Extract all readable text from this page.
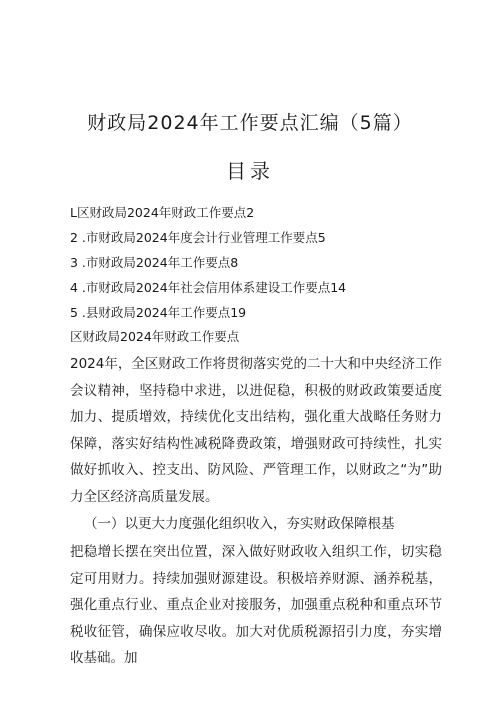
财政局2024年工作要点汇编（5篇）
目录
L区财政局2024年财政工作要点2
2 .市财政局2024年度会计行业管理工作要点5
3 .市财政局2024年工作要点8
4 .市财政局2024年社会信用体系建设工作要点14
5 .县财政局2024年工作要点19
区财政局2024年财政工作要点

2024年，全区财政工作将贯彻落实党的二十大和中央经济工作会议精神，坚持稳中求进，以进促稳，积极的财政政策要适度加力、提质增效，持续优化支出结构，强化重大战略任务财力保障，落实好结构性减税降费政策，增强财政可持续性，扎实做好抓收入、控支出、防风险、严管理工作，以财政之“为”助力全区经济高质量发展。

（一）以更大力度强化组织收入，夯实财政保障根基

把稳增长摆在突出位置，深入做好财政收入组织工作，切实稳定可用财力。持续加强财源建设。积极培养财源、涵养税基，强化重点行业、重点企业对接服务，加强重点税种和重点环节税收征管，确保应收尽收。加大对优质税源招引力度，夯实增收基础。加
